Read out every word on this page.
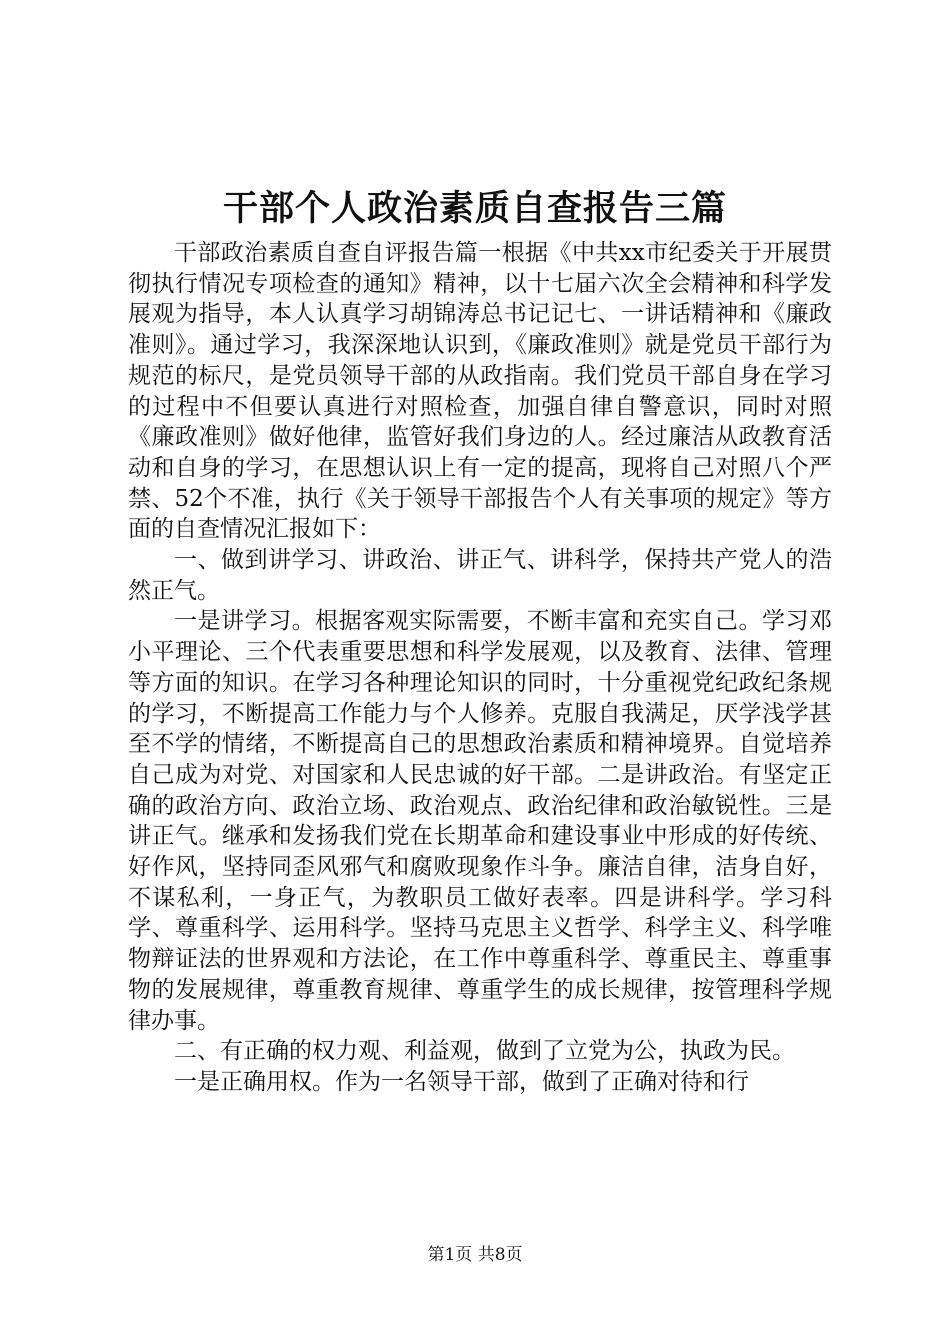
干部个人政治素质自查报告三篇

干部政治素质自查自评报告篇一根据《中共xx市纪委关于开展贯彻执行情况专项检查的通知》精神，以十七届六次全会精神和科学发展观为指导，本人认真学习胡锦涛总书记记七、一讲话精神和《廉政准则》。通过学习，我深深地认识到，《廉政准则》就是党员干部行为规范的标尺，是党员领导干部的从政指南。我们党员干部自身在学习的过程中不但要认真进行对照检查，加强自律自警意识，同时对照《廉政准则》做好他律，监管好我们身边的人。经过廉洁从政教育活动和自身的学习，在思想认识上有一定的提高，现将自己对照八个严禁、52个不准，执行《关于领导干部报告个人有关事项的规定》等方面的自查情况汇报如下：

一、做到讲学习、讲政治、讲正气、讲科学，保持共产党人的浩然正气。

一是讲学习。根据客观实际需要，不断丰富和充实自己。学习邓小平理论、三个代表重要思想和科学发展观，以及教育、法律、管理等方面的知识。在学习各种理论知识的同时，十分重视党纪政纪条规的学习，不断提高工作能力与个人修养。克服自我满足，厌学浅学甚至不学的情绪，不断提高自己的思想政治素质和精神境界。自觉培养自己成为对党、对国家和人民忠诚的好干部。二是讲政治。有坚定正确的政治方向、政治立场、政治观点、政治纪律和政治敏锐性。三是讲正气。继承和发扬我们党在长期革命和建设事业中形成的好传统、好作风，坚持同歪风邪气和腐败现象作斗争。廉洁自律，洁身自好，不谋私利，一身正气，为教职员工做好表率。四是讲科学。学习科学、尊重科学、运用科学。坚持马克思主义哲学、科学主义、科学唯物辩证法的世界观和方法论，在工作中尊重科学、尊重民主、尊重事物的发展规律，尊重教育规律、尊重学生的成长规律，按管理科学规律办事。

二、有正确的权力观、利益观，做到了立党为公，执政为民。

一是正确用权。作为一名领导干部，做到了正确对待和行

第1页 共8页
